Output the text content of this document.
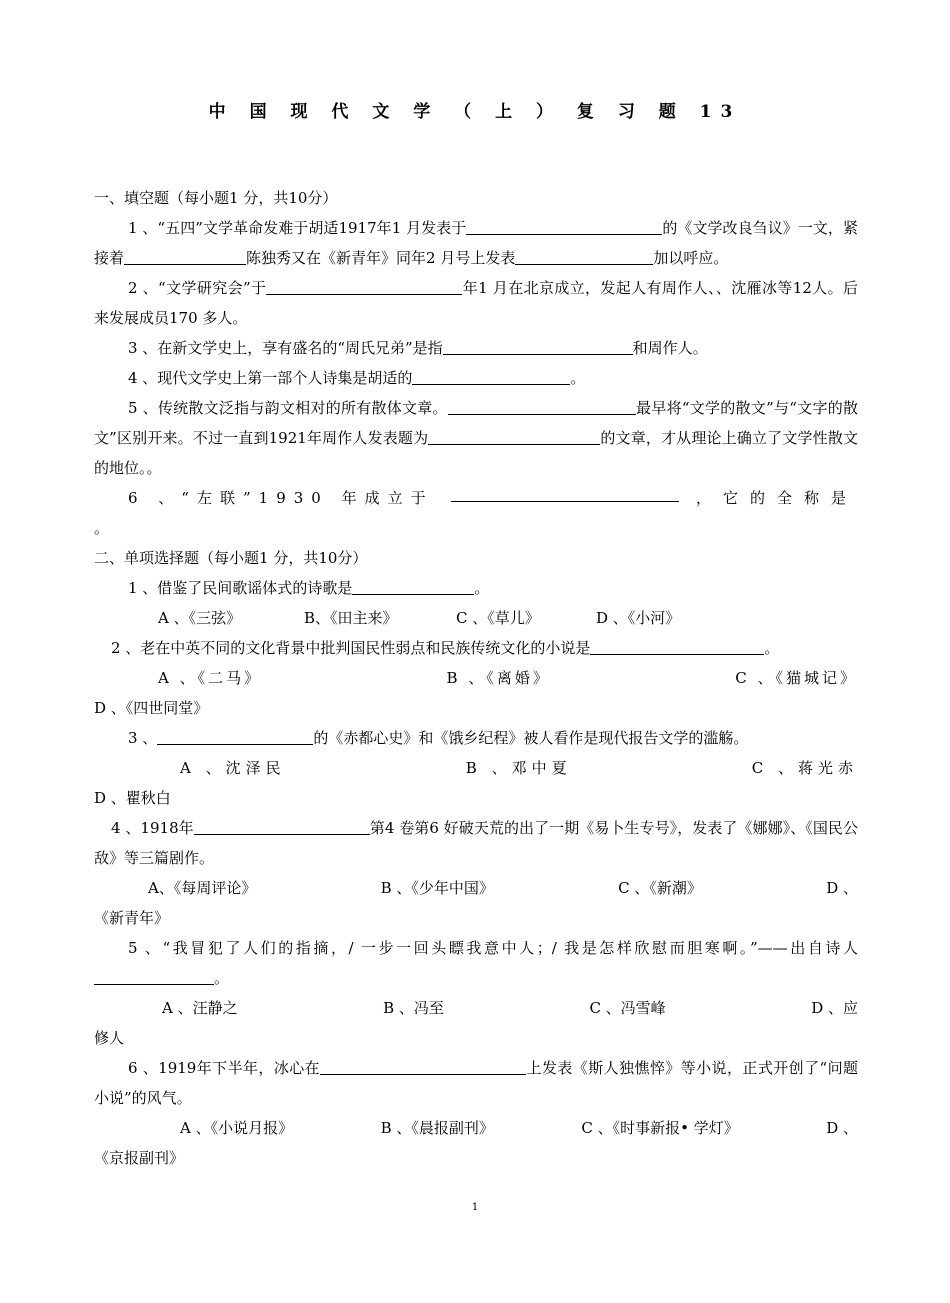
中 国 现 代 文 学 （ 上 ） 复 习 题 13

一、填空题（每小题1 分，共10分）

1 、“五四”文学革命发难于胡适1917年1 月发表于	的《文学改良刍议》一文，紧接着	陈独秀又在《新青年》同年2 月号上发表	加以呼应。

2 、“文学研究会”于	年1 月在北京成立，发起人有周作人、、沈雁冰等12人。后来发展成员170 多人。

3 、在新文学史上，享有盛名的“周氏兄弟”是指	和周作人。

4 、现代文学史上第一部个人诗集是胡适的	。

5 、传统散文泛指与韵文相对的所有散体文章。	最早将“文学的散文”与“文字的散文”区别开来。不过一直到1921年周作人发表题为	的文章，才从理论上确立了文学性散文的地位。。

6 、“左联”1930 年成立于	，它的全称是

。

二、单项选择题（每小题1 分，共10分）

1 、借鉴了民间歌谣体式的诗歌是	。

A 、《三弦》	B、《田主来》	C 、《草儿》	D 、《小河》

2 、老在中英不同的文化背景中批判国民性弱点和民族传统文化的小说是	。

A 、《二马》	B 、《离婚》	C 、《猫城记》

D 、《四世同堂》

3 、	的《赤都心史》和《饿乡纪程》被人看作是现代报告文学的滥觞。

A 、沈泽民	B 、邓中夏	C 、蒋光赤

D 、瞿秋白

4 、1918年	第4 卷第6 好破天荒的出了一期《易卜生专号》，发表了《娜娜》、《国民公敌》等三篇剧作。

A、《每周评论》	B 、《少年中国》	C 、《新潮》	D 、

《新青年》

5 、“我冒犯了人们的指摘，/ 一步一回头瞟我意中人；/ 我是怎样欣慰而胆寒啊。”——出自诗人。

A 、汪静之	B 、冯至	C 、冯雪峰	D 、应

修人

6 、1919年下半年，冰心在	上发表《斯人独憔悴》等小说，正式开创了“问题小说”的风气。

A 、《小说月报》	B 、《晨报副刊》	C 、《时事新报• 学灯》	D 、

《京报副刊》

1
